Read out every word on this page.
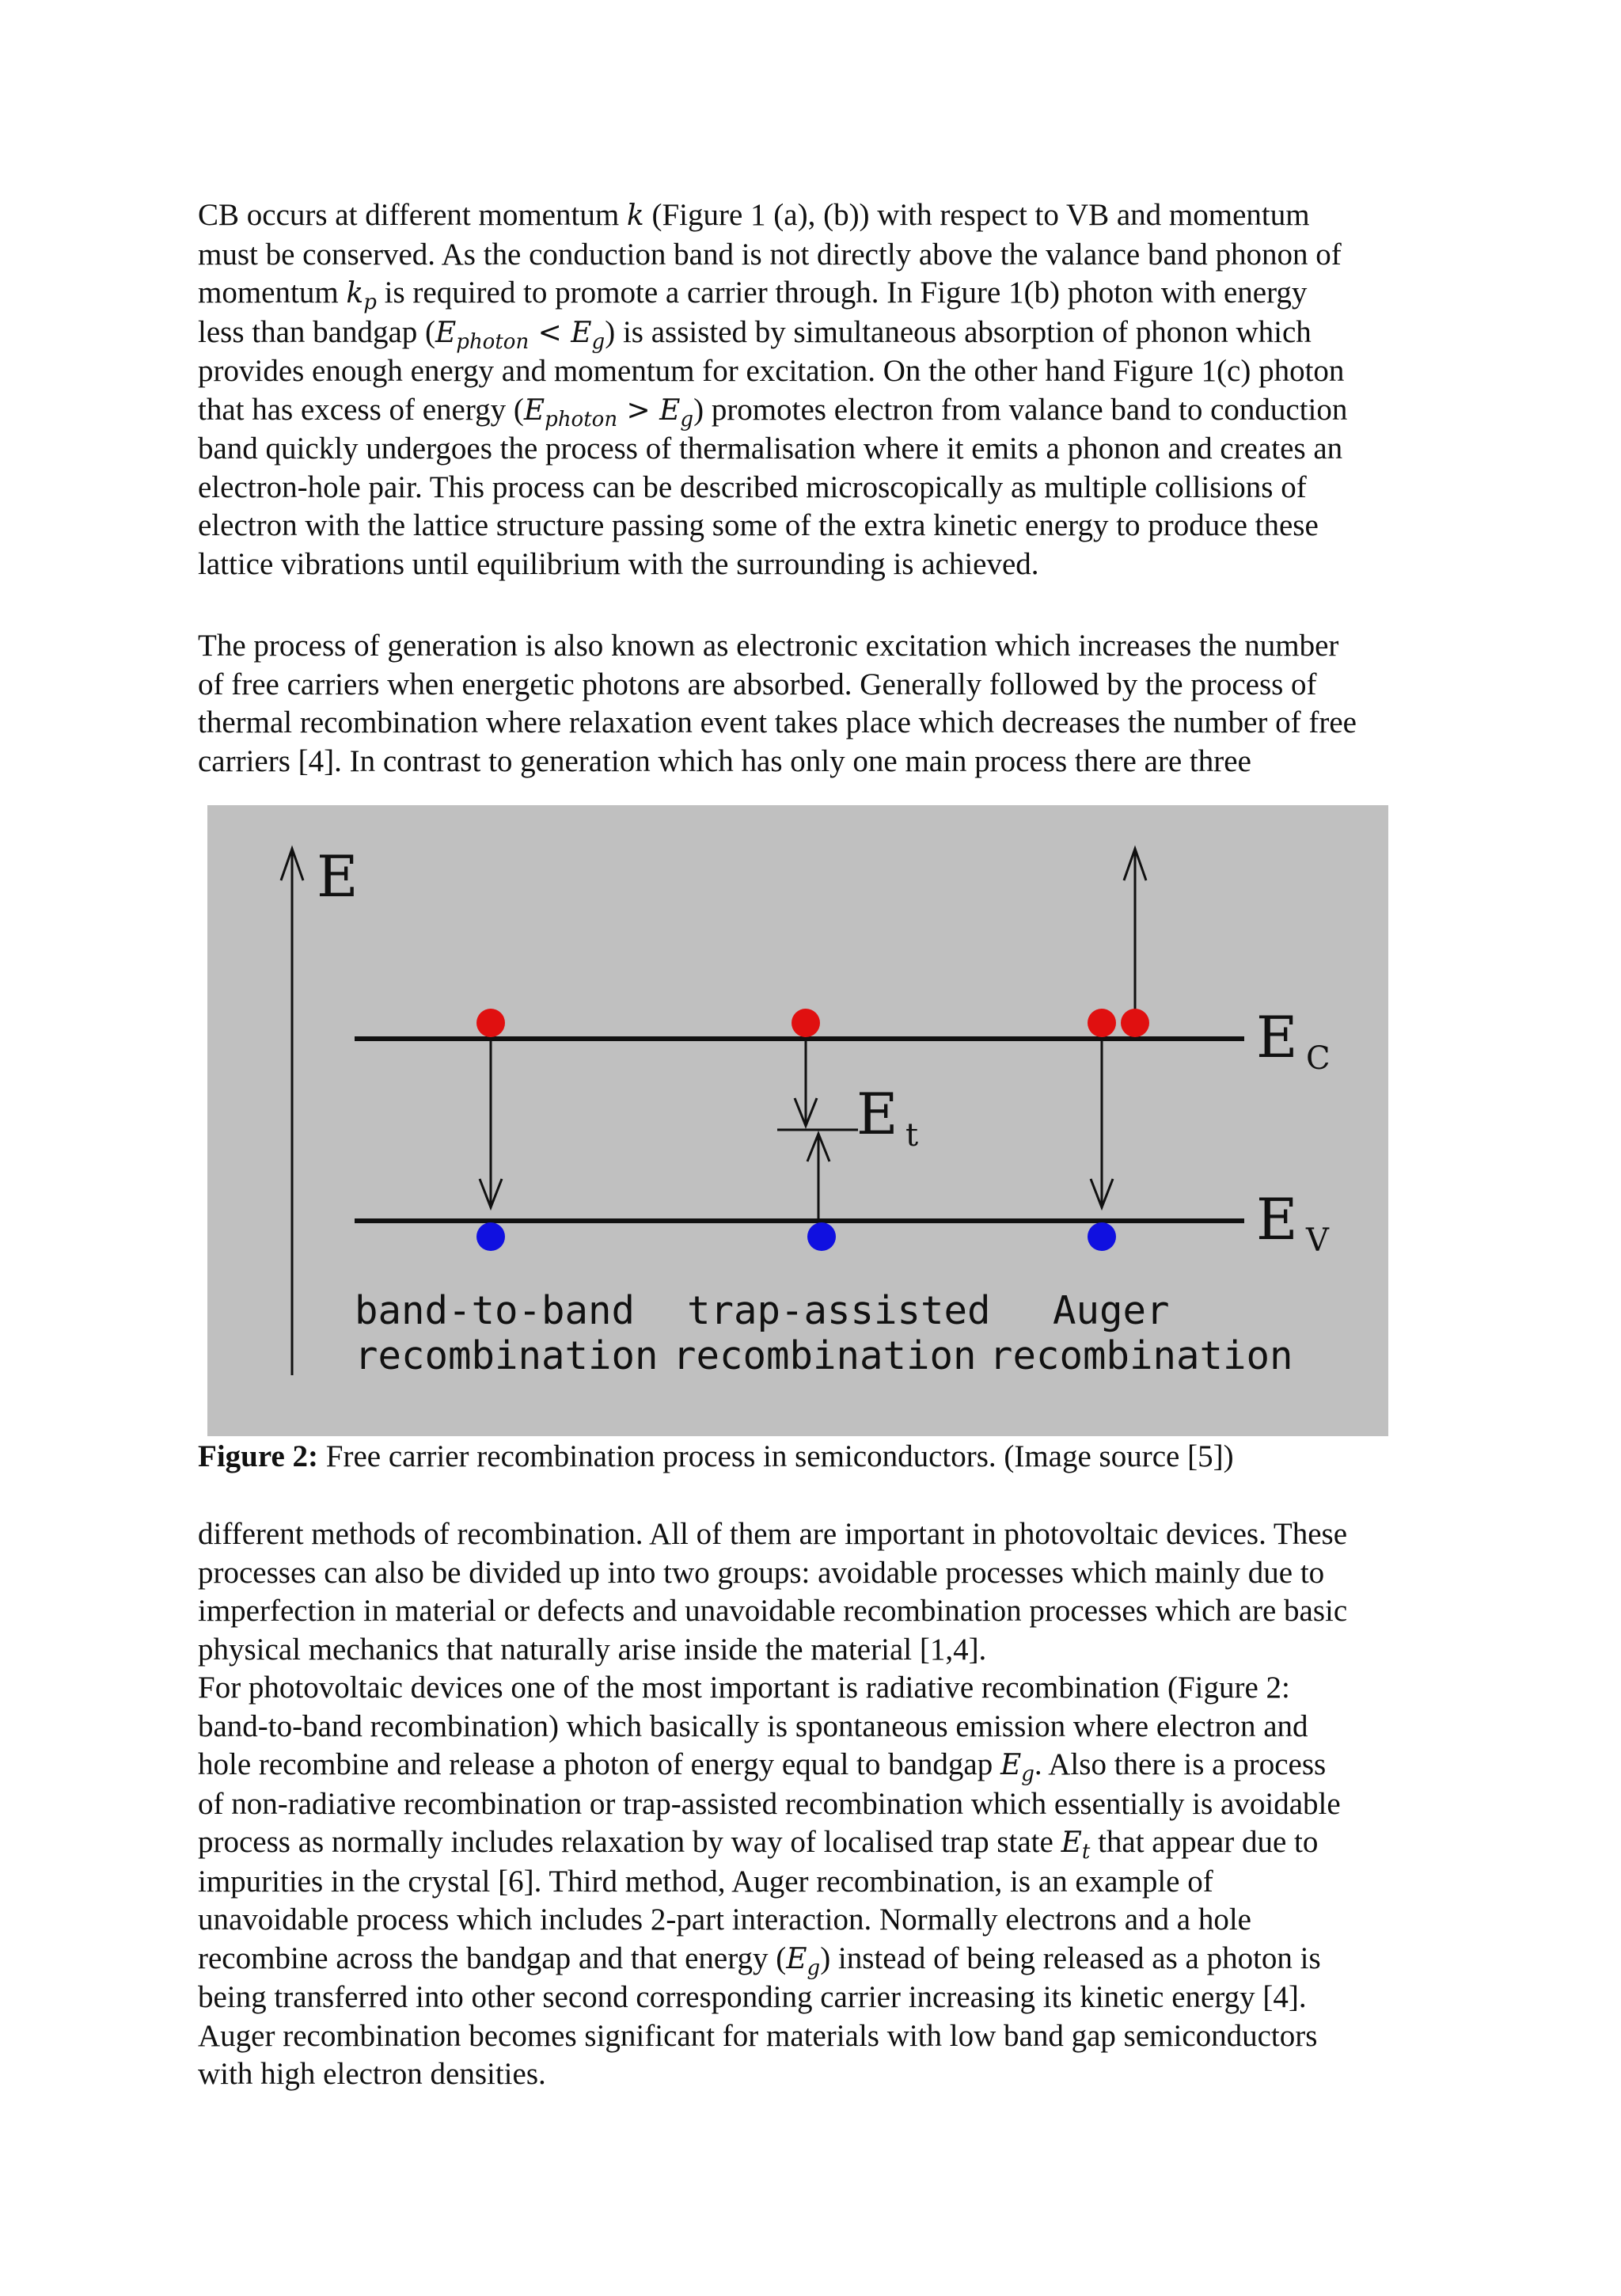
CB occurs at different momentum k (Figure 1 (a), (b)) with respect to VB and momentum
must be conserved. As the conduction band is not directly above the valance band phonon of
momentum $k_p$ is required to promote a carrier through. In Figure 1(b) photon with energy
less than bandgap $(E_{photon} < E_g)$ is assisted by simultaneous absorption of phonon which
provides enough energy and momentum for excitation. On the other hand Figure 1(c) photon
that has excess of energy $(E_{photon} > E_g)$ promotes electron from valance band to conduction
band quickly undergoes the process of thermalisation where it emits a phonon and creates an
electron-hole pair. This process can be described microscopically as multiple collisions of
electron with the lattice structure passing some of the extra kinetic energy to produce these
lattice vibrations until equilibrium with the surrounding is achieved.
The process of generation is also known as electronic excitation which increases the number
of free carriers when energetic photons are absorbed. Generally followed by the process of
thermal recombination where relaxation event takes place which decreases the number of free
carriers [4]. In contrast to generation which has only one main process there are three
E
E C
E V
E t
band-to-band
recombination
trap-assisted
recombination
Auger
recombination
Figure 2: Free carrier recombination process in semiconductors. (Image source [5])
different methods of recombination. All of them are important in photovoltaic devices. These
processes can also be divided up into two groups: avoidable processes which mainly due to
imperfection in material or defects and unavoidable recombination processes which are basic
physical mechanics that naturally arise inside the material [1,4].
For photovoltaic devices one of the most important is radiative recombination (Figure 2:
band-to-band recombination) which basically is spontaneous emission where electron and
hole recombine and release a photon of energy equal to bandgap $E_g$. Also there is a process
of non-radiative recombination or trap-assisted recombination which essentially is avoidable
process as normally includes relaxation by way of localised trap state $E_t$ that appear due to
impurities in the crystal [6]. Third method, Auger recombination, is an example of
unavoidable process which includes 2-part interaction. Normally electrons and a hole
recombine across the bandgap and that energy $(E_g)$ instead of being released as a photon is
being transferred into other second corresponding carrier increasing its kinetic energy [4].
Auger recombination becomes significant for materials with low band gap semiconductors
with high electron densities.
